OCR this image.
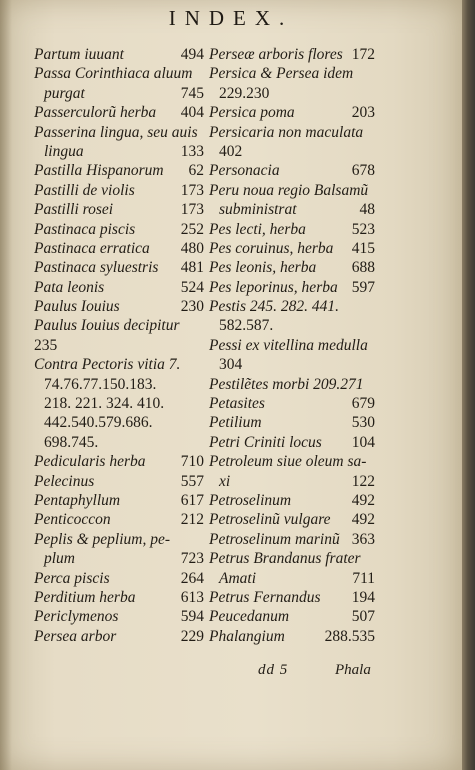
INDEX.
Partum iuuant	494
Passa Corinthiaca aluum
purgat	745
Passerculorũ herba 404
Passerina lingua, seu auis
lingua	133
Pastilla Hispanorum 62
Pastilli de violis	173
Pastilli rosei	173
Pastinaca piscis	252
Pastinaca erratica 480
Pastinaca syluestris 481
Pata leonis	524
Paulus Iouius	230
Paulus Iouius decipitur
235
Contra Pectoris vitia 7.
74.76.77.150.183.
218. 221. 324. 410.
442.540.579.686.
698.745.
Pedicularis herba 710
Pelecinus	557
Pentaphyllum	617
Penticoccon	212
Peplis & peplium, pe-
plum	723
Perca piscis	264
Perditium herba	613
Periclymenos	594
Persea arbor	229
Perseæ arboris flores 172
Persica & Persea idem
229.230
Persica poma	203
Persicaria non maculata
402
Personacia	678
Peru noua regio Balsamũ
subministrat	48
Pes lecti, herba	523
Pes coruinus, herba 415
Pes leonis, herba 688
Pes leporinus, herba 597
Pestis 245. 282. 441.
582.587.
Pessi ex vitellina medulla
304
Pestilẽtes morbi 209.271
Petasites	679
Petilium	530
Petri Criniti locus 104
Petroleum siue oleum sa-
xi	122
Petroselinum	492
Petroselinũ vulgare 492
Petroselinum marinũ 363
Petrus Brandanus frater
Amati	711
Petrus Fernandus 194
Peucedanum	507
Phalangium	288.535
dd 5	Phala
